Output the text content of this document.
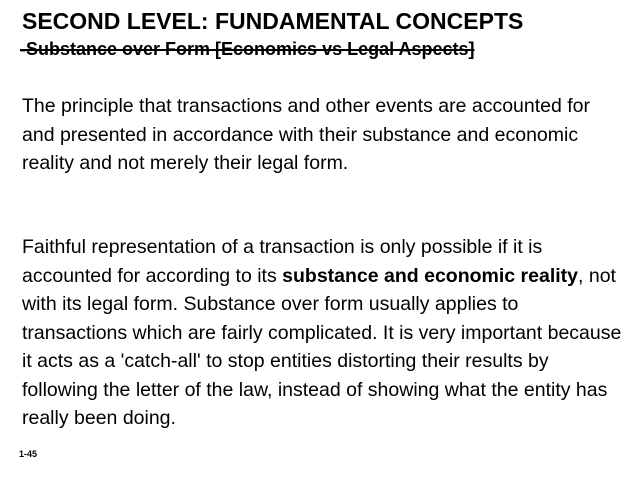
SECOND LEVEL: FUNDAMENTAL CONCEPTS
-Substance over Form [Economics vs Legal Aspects]

The principle that transactions and other events are accounted for and presented in accordance with their substance and economic reality and not merely their legal form.

Faithful representation of a transaction is only possible if it is accounted for according to its substance and economic reality, not with its legal form. Substance over form usually applies to transactions which are fairly complicated. It is very important because it acts as a 'catch-all' to stop entities distorting their results by following the letter of the law, instead of showing what the entity has really been doing.

1-45
